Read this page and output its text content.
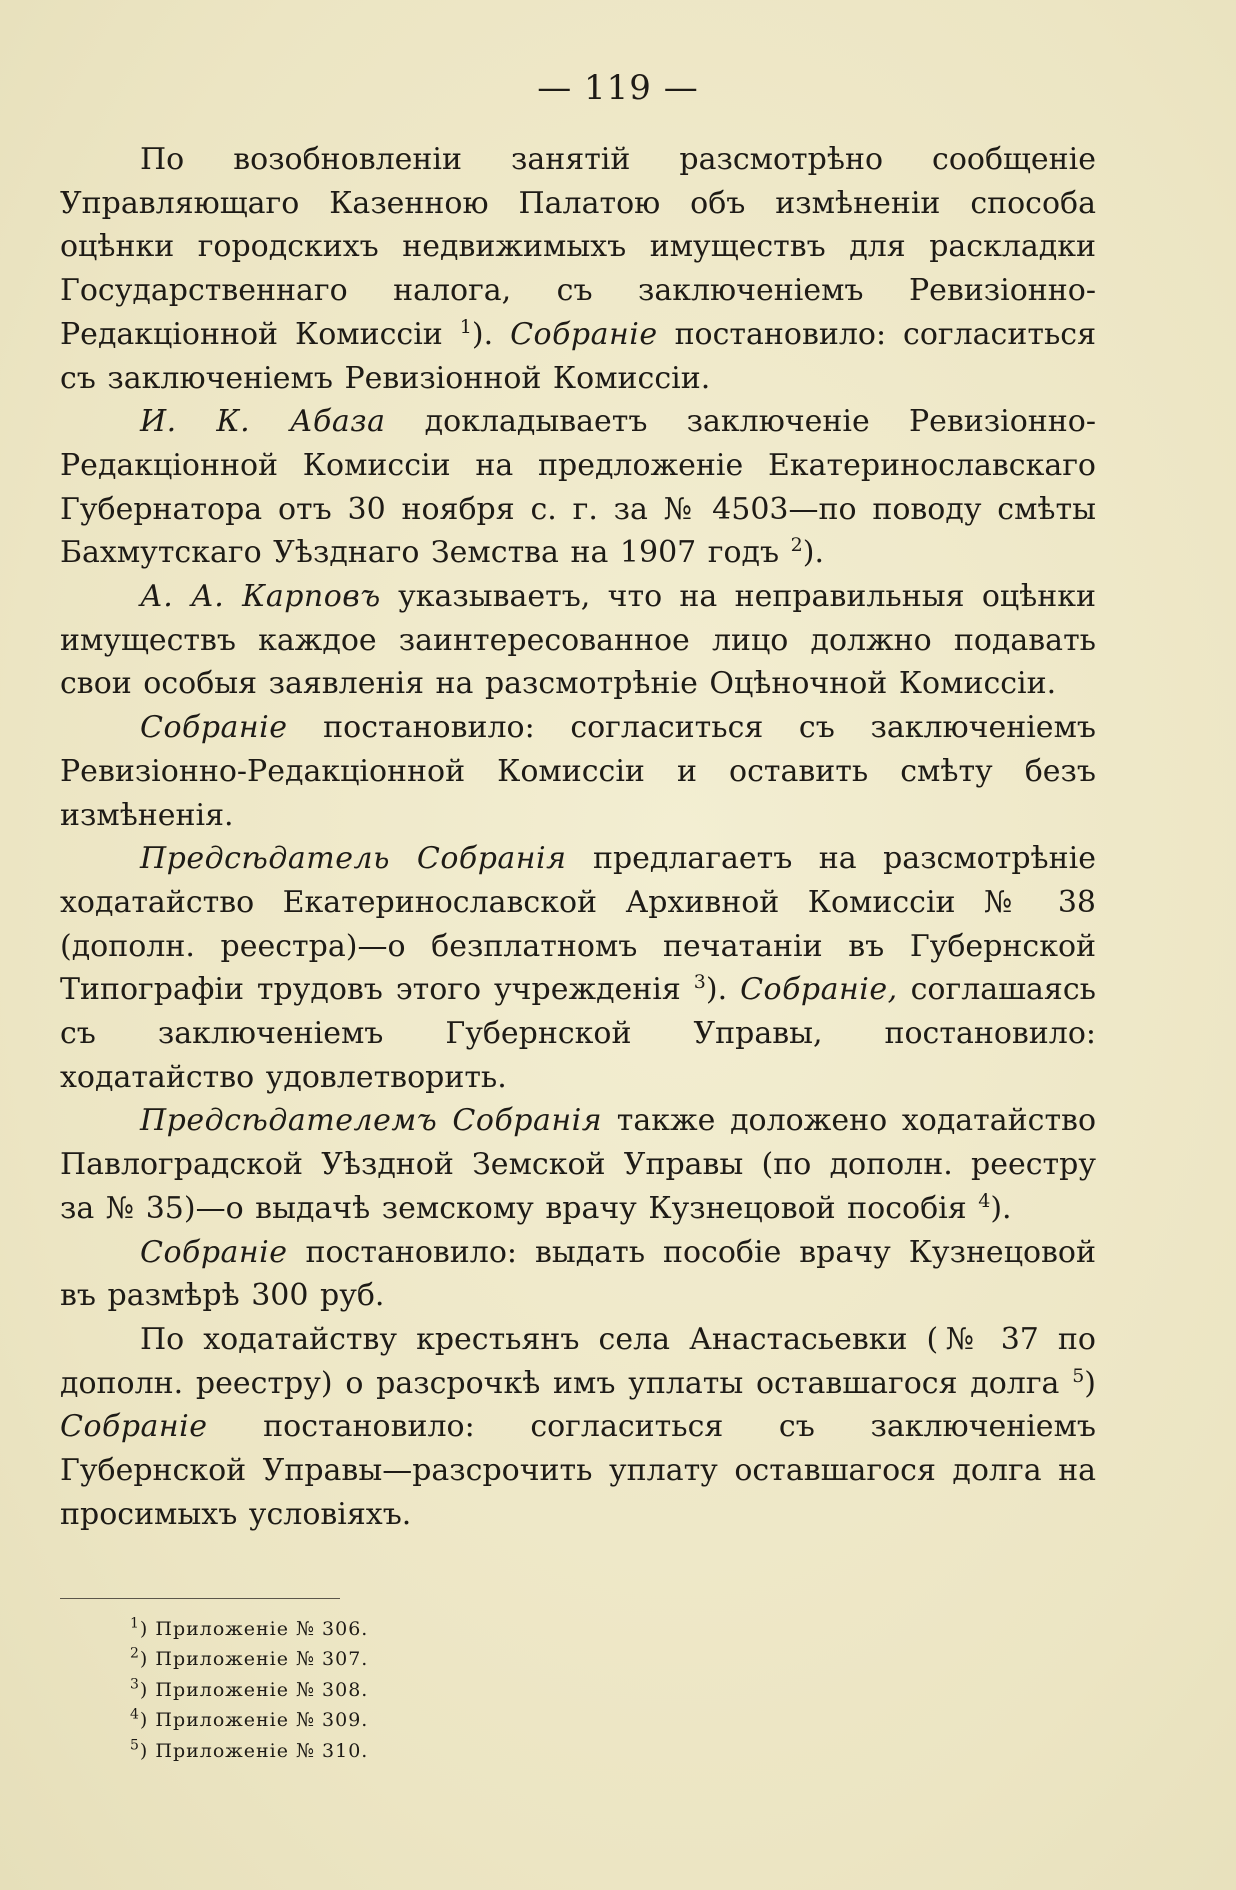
— 119 —

По возобновленіи занятій разсмотрѣно сообщеніе Управляющаго Казенною Палатою объ измѣненіи способа оцѣнки городскихъ недвижимыхъ имуществъ для раскладки Государственнаго налога, съ заключеніемъ Ревизіонно-Редакціонной Комиссіи $^1$). Собраніе постановило: согласиться съ заключеніемъ Ревизіонной Комиссіи.

И. К. Абаза докладываетъ заключеніе Ревизіонно-Редакціонной Комиссіи на предложеніе Екатеринославскаго Губернатора отъ 30 ноября с. г. за № 4503—по поводу смѣты Бахмутскаго Уѣзднаго Земства на 1907 годъ $^2$).

А. А. Карповъ указываетъ, что на неправильныя оцѣнки имуществъ каждое заинтересованное лицо должно подавать свои особыя заявленія на разсмотрѣніе Оцѣночной Комиссіи.

Собраніе постановило: согласиться съ заключеніемъ Ревизіонно-Редакціонной Комиссіи и оставить смѣту безъ измѣненія.

Предсѣдатель Собранія предлагаетъ на разсмотрѣніе ходатайство Екатеринославской Архивной Комиссіи № 38 (дополн. реестра)—о безплатномъ печатаніи въ Губернской Типографіи трудовъ этого учрежденія $^3$). Собраніе, соглашаясь съ заключеніемъ Губернской Управы, постановило: ходатайство удовлетворить.

Предсѣдателемъ Собранія также доложено ходатайство Павлоградской Уѣздной Земской Управы (по дополн. реестру за № 35)—о выдачѣ земскому врачу Кузнецовой пособія $^4$).

Собраніе постановило: выдать пособіе врачу Кузнецовой въ размѣрѣ 300 руб.

По ходатайству крестьянъ села Анастасьевки (№ 37 по дополн. реестру) о разсрочкѣ имъ уплаты оставшагося долга $^5$) Собраніе постановило: согласиться съ заключеніемъ Губернской Управы—разсрочить уплату оставшагося долга на просимыхъ условіяхъ.

$^1$) Приложеніе № 306.

$^2$) Приложеніе № 307.

$^3$) Приложеніе № 308.

$^4$) Приложеніе № 309.

$^5$) Приложеніе № 310.
